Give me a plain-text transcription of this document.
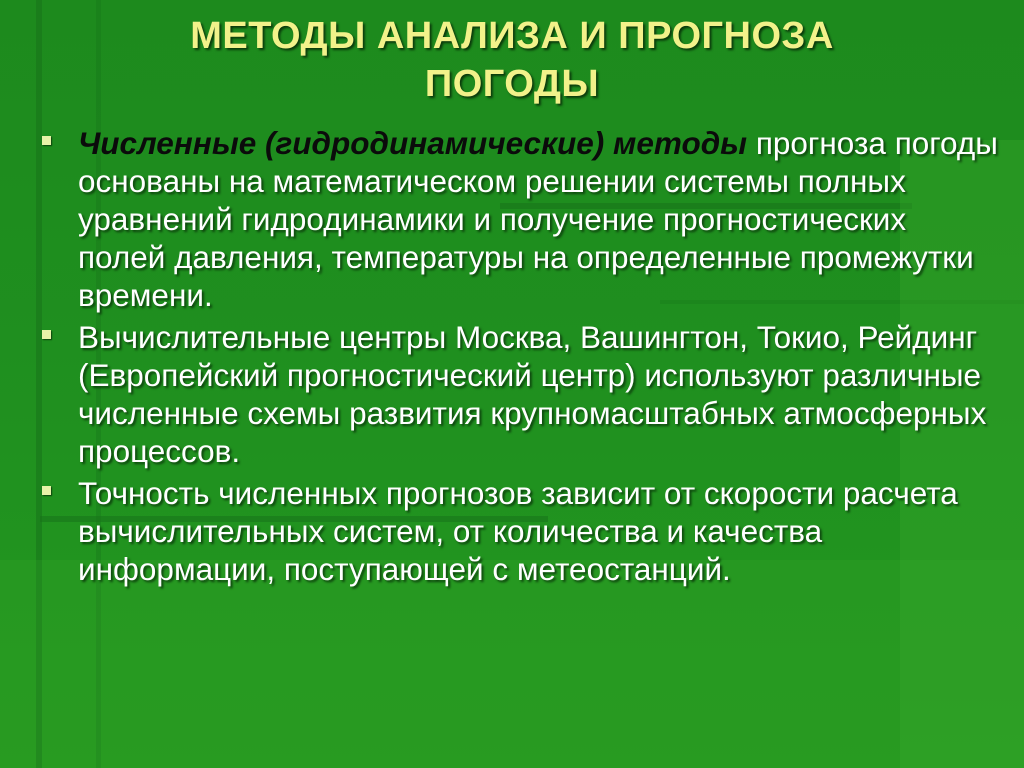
МЕТОДЫ АНАЛИЗА И ПРОГНОЗА
ПОГОДЫ
Численные (гидродинамические) методы прогноза погоды основаны на математическом решении системы полных уравнений гидродинамики и получение прогностических полей давления, температуры на определенные промежутки времени.
Вычислительные центры Москва, Вашингтон, Токио, Рейдинг (Европейский прогностический центр) используют различные численные схемы развития крупномасштабных атмосферных процессов.
Точность численных прогнозов зависит от скорости расчета вычислительных систем, от количества и качества информации, поступающей с метеостанций.
